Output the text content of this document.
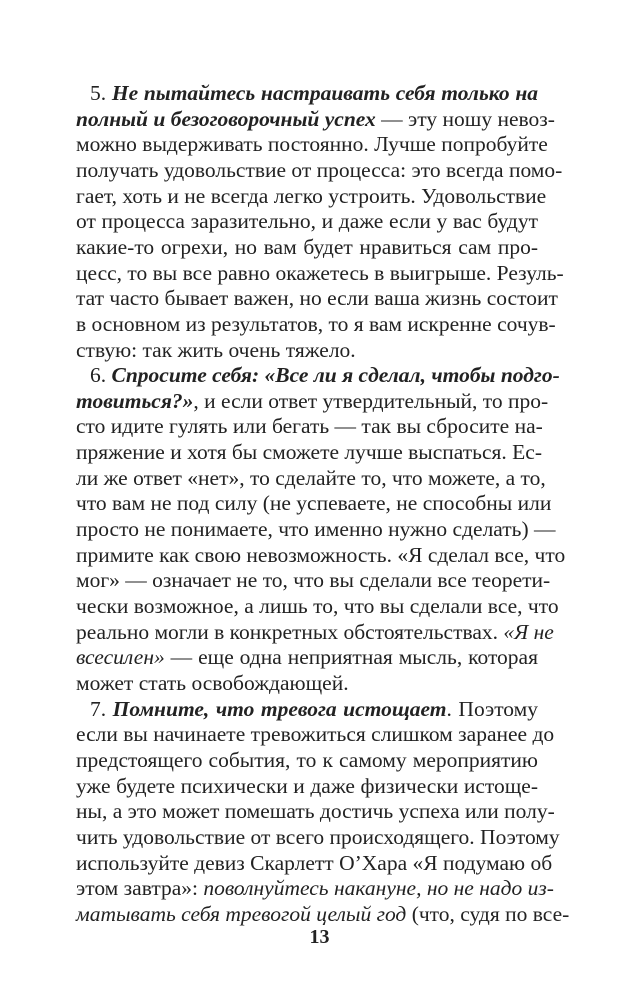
5. Не пытайтесь настраивать себя только на
полный и безоговорочный успех — эту ношу невоз-
можно выдерживать постоянно. Лучше попробуйте
получать удовольствие от процесса: это всегда помо-
гает, хоть и не всегда легко устроить. Удовольствие
от процесса заразительно, и даже если у вас будут
какие-то огрехи, но вам будет нравиться сам про-
цесс, то вы все равно окажетесь в выигрыше. Резуль-
тат часто бывает важен, но если ваша жизнь состоит
в основном из результатов, то я вам искренне сочув-
ствую: так жить очень тяжело.
6. Спросите себя: «Все ли я сделал, чтобы подго-
товиться?», и если ответ утвердительный, то про-
сто идите гулять или бегать — так вы сбросите на-
пряжение и хотя бы сможете лучше выспаться. Ес-
ли же ответ «нет», то сделайте то, что можете, а то,
что вам не под силу (не успеваете, не способны или
просто не понимаете, что именно нужно сделать) —
примите как свою невозможность. «Я сделал все, что
мог» — означает не то, что вы сделали все теорети-
чески возможное, а лишь то, что вы сделали все, что
реально могли в конкретных обстоятельствах. «Я не
всесилен» — еще одна неприятная мысль, которая
может стать освобождающей.
7. Помните, что тревога истощает. Поэтому
если вы начинаете тревожиться слишком заранее до
предстоящего события, то к самому мероприятию
уже будете психически и даже физически истоще-
ны, а это может помешать достичь успеха или полу-
чить удовольствие от всего происходящего. Поэтому
используйте девиз Скарлетт О’Хара «Я подумаю об
этом завтра»: поволнуйтесь накануне, но не надо из-
матывать себя тревогой целый год (что, судя по все-
13
